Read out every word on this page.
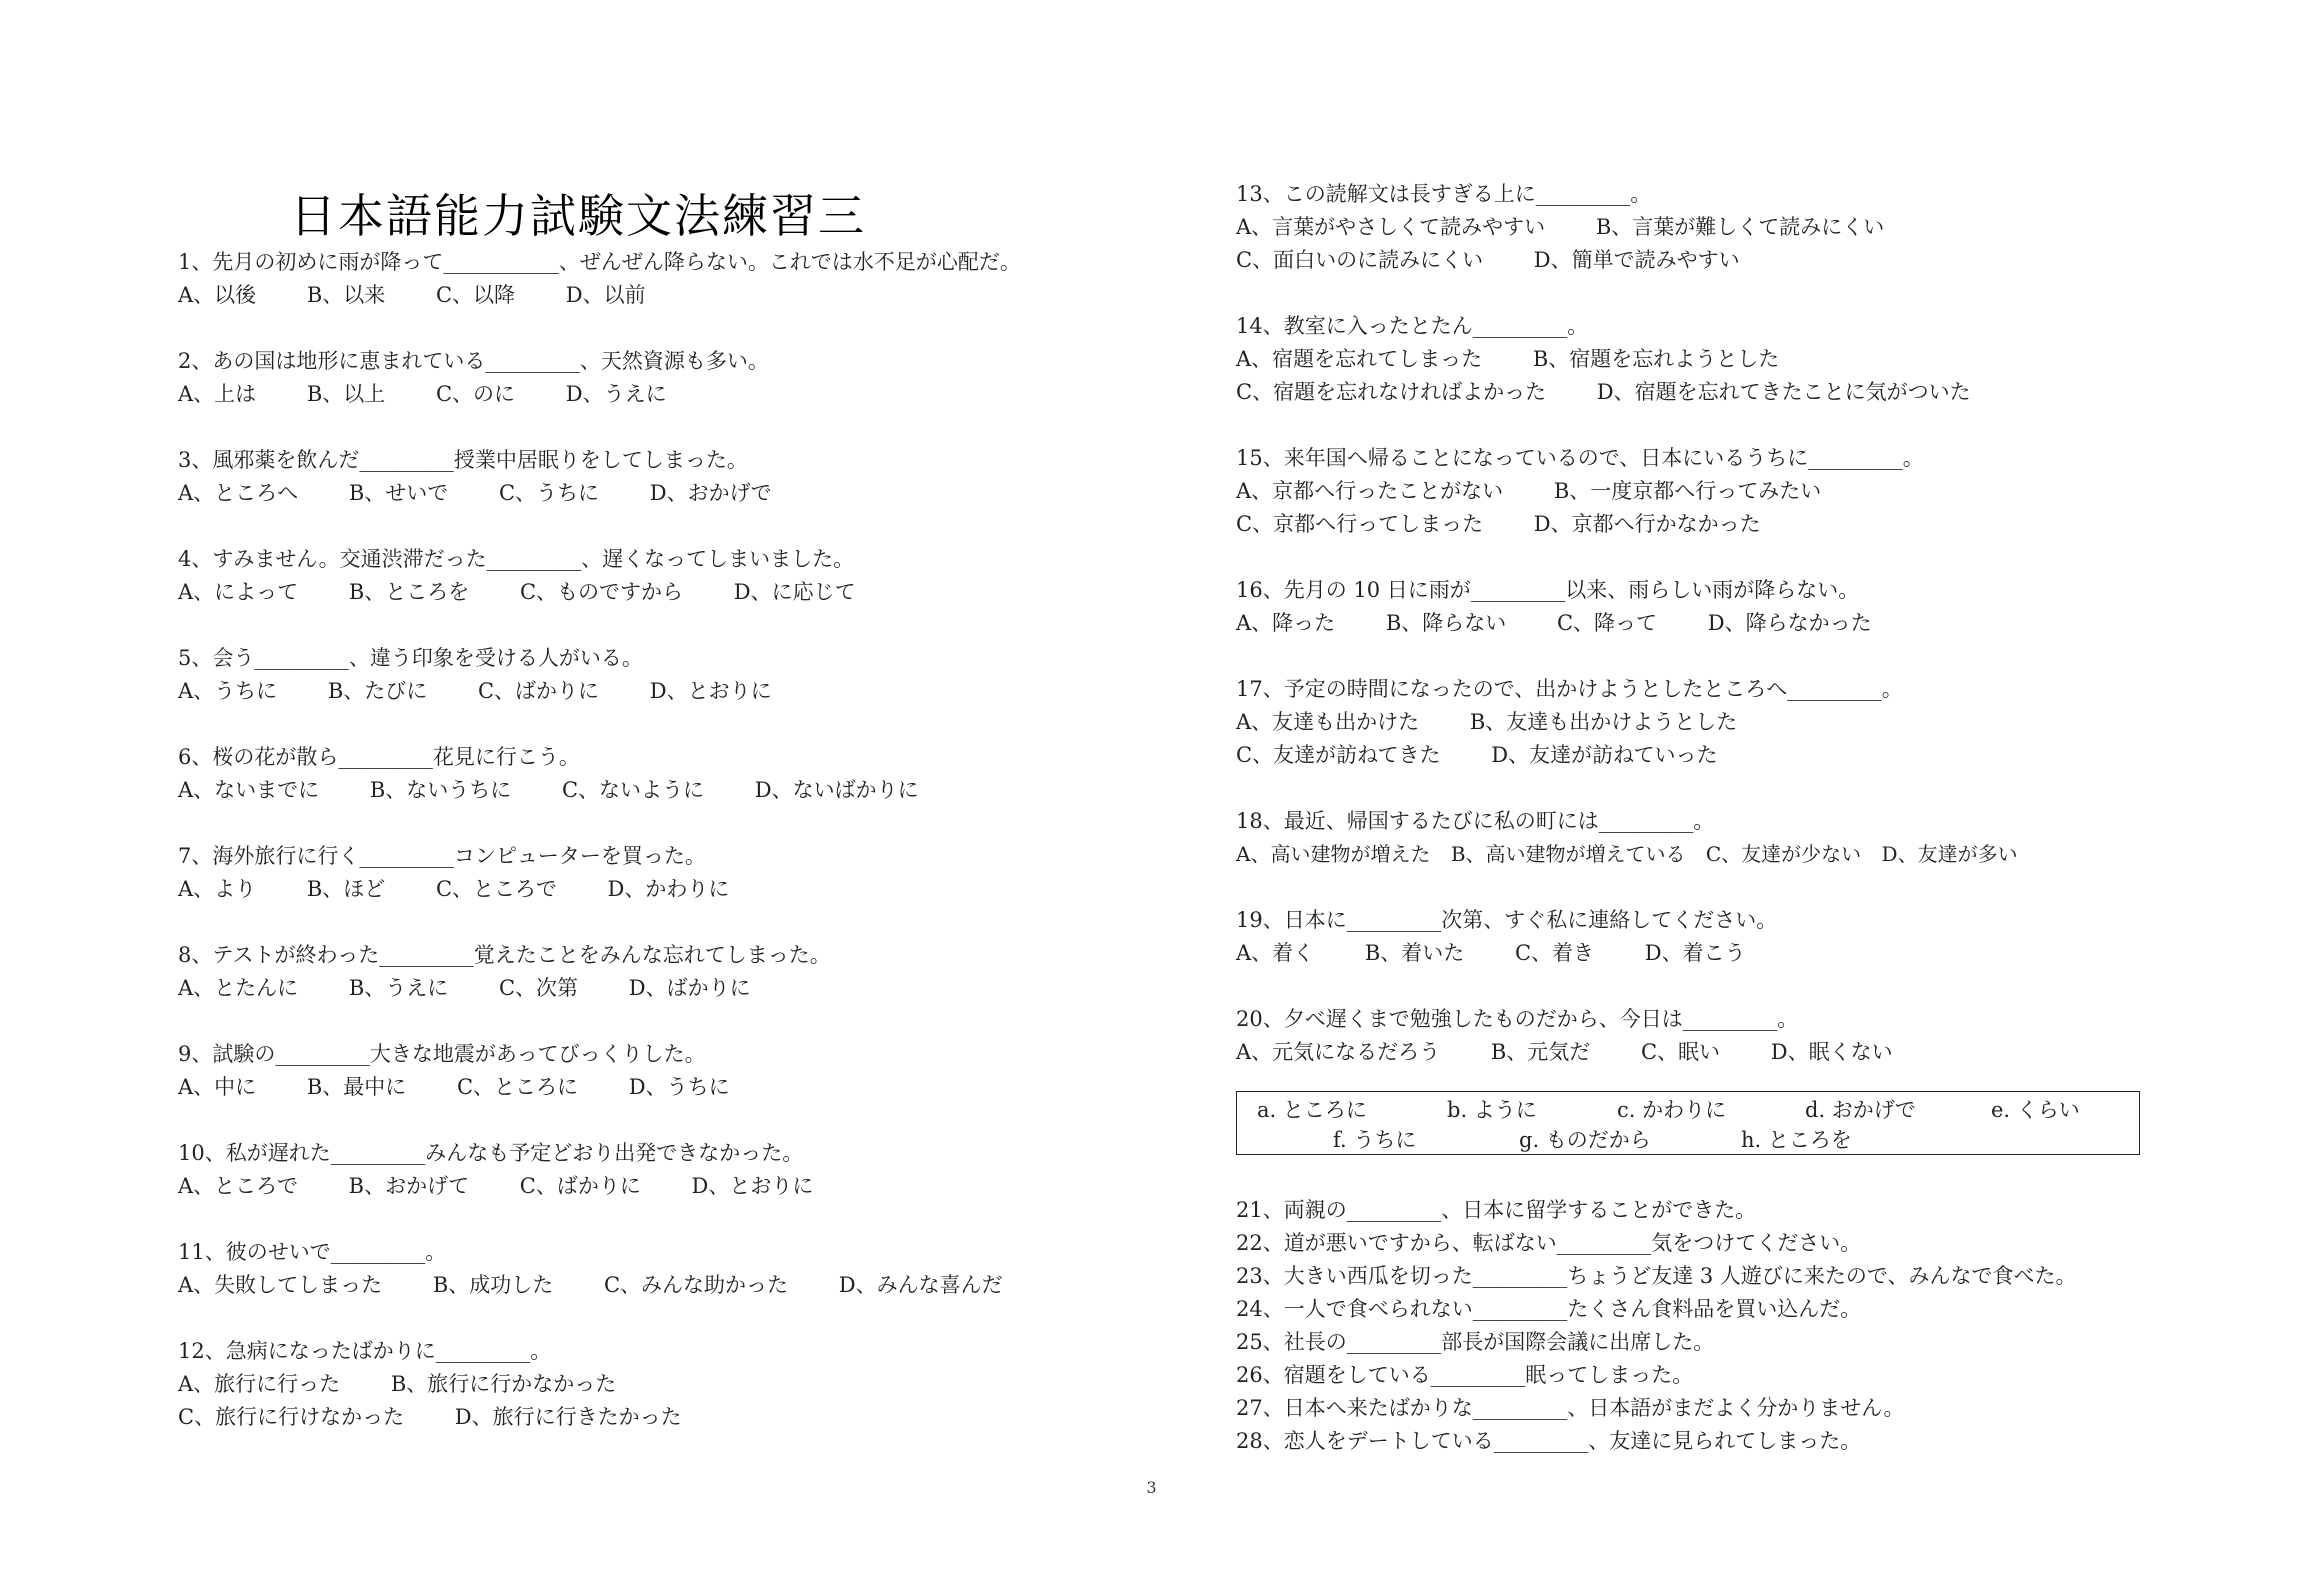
日本語能力試験文法練習三
1、先月の初めに雨が降って___________、ぜんぜん降らない。これでは水不足が心配だ。
A、以後 B、以来 C、以降 D、以前
2、あの国は地形に恵まれている_________、天然資源も多い。
A、上は B、以上 C、のに D、うえに
3、風邪薬を飲んだ_________授業中居眠りをしてしまった。
A、ところへ B、せいで C、うちに D、おかげで
4、すみません。交通渋滞だった_________、遅くなってしまいました。
A、によって B、ところを C、ものですから D、に応じて
5、会う_________、違う印象を受ける人がいる。
A、うちに B、たびに C、ばかりに D、とおりに
6、桜の花が散ら_________花見に行こう。
A、ないまでに B、ないうちに C、ないように D、ないばかりに
7、海外旅行に行く_________コンピューターを買った。
A、より B、ほど C、ところで D、かわりに
8、テストが終わった_________覚えたことをみんな忘れてしまった。
A、とたんに B、うえに C、次第 D、ばかりに
9、試験の_________大きな地震があってびっくりした。
A、中に B、最中に C、ところに D、うちに
10、私が遅れた_________みんなも予定どおり出発できなかった。
A、ところで B、おかげて C、ばかりに D、とおりに
11、彼のせいで_________。
A、失敗してしまった B、成功した C、みんな助かった D、みんな喜んだ
12、急病になったばかりに_________。
A、旅行に行った B、旅行に行かなかった
C、旅行に行けなかった D、旅行に行きたかった
13、この読解文は長すぎる上に_________。
A、言葉がやさしくて読みやすい B、言葉が難しくて読みにくい
C、面白いのに読みにくい D、簡単で読みやすい
14、教室に入ったとたん_________。
A、宿題を忘れてしまった B、宿題を忘れようとした
C、宿題を忘れなければよかった D、宿題を忘れてきたことに気がついた
15、来年国へ帰ることになっているので、日本にいるうちに_________。
A、京都へ行ったことがない B、一度京都へ行ってみたい
C、京都へ行ってしまった D、京都へ行かなかった
16、先月の 10 日に雨が_________以来、雨らしい雨が降らない。
A、降った B、降らない C、降って D、降らなかった
17、予定の時間になったので、出かけようとしたところへ_________。
A、友達も出かけた B、友達も出かけようとした
C、友達が訪ねてきた D、友達が訪ねていった
18、最近、帰国するたびに私の町には_________。
A、高い建物が増えた B、高い建物が増えている C、友達が少ない D、友達が多い
19、日本に_________次第、すぐ私に連絡してください。
A、着く B、着いた C、着き D、着こう
20、夕べ遅くまで勉強したものだから、今日は_________。
A、元気になるだろう B、元気だ C、眠い D、眠くない
a. ところに	b. ように	c. かわりに	d. おかげで	e. くらい
f. うちに	g. ものだから	h. ところを
21、両親の_________、日本に留学することができた。
22、道が悪いですから、転ばない_________気をつけてください。
23、大きい西瓜を切った_________ちょうど友達 3 人遊びに来たので、みんなで食べた。
24、一人で食べられない_________たくさん食料品を買い込んだ。
25、社長の_________部長が国際会議に出席した。
26、宿題をしている_________眠ってしまった。
27、日本へ来たばかりな_________、日本語がまだよく分かりません。
28、恋人をデートしている_________、友達に見られてしまった。
3
